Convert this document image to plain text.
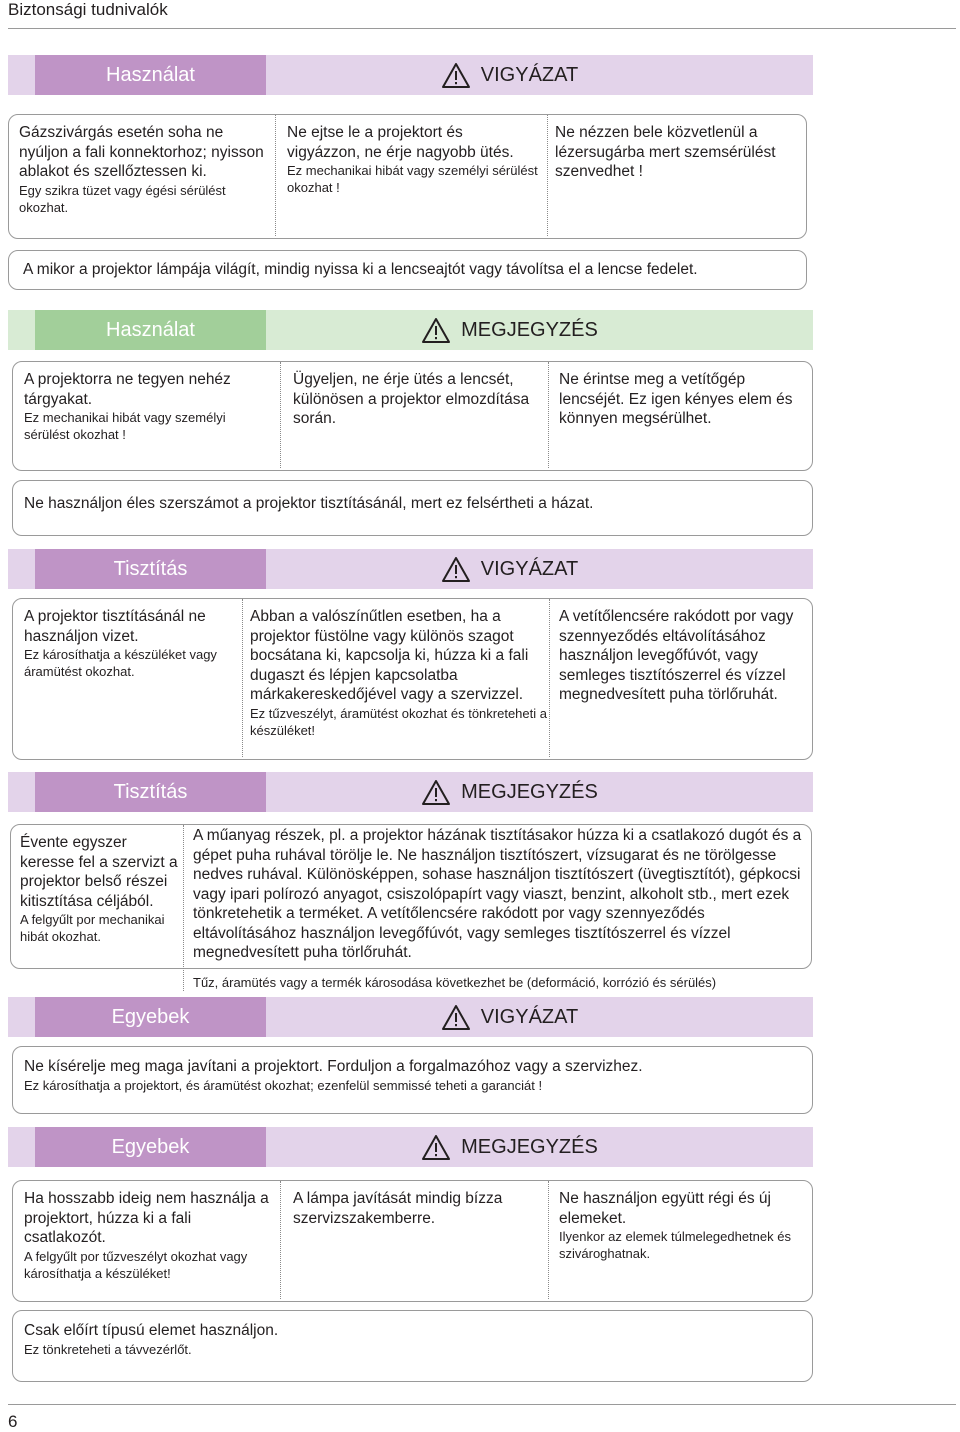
Biztonsági tudnivalók
Használat	VIGYÁZAT

Gázszivárgás esetén soha ne nyúljon a fali konnektorhoz; nyisson ablakot és szellőztessen ki.

Egy szikra tüzet vagy égési sérülést okozhat.

Ne ejtse le a projektort és vigyázzon, ne érje nagyobb ütés.

Ez mechanikai hibát vagy személyi sérülést okozhat !

Ne nézzen bele közvetlenül a lézersugárba mert szemsérülést szenvedhet !

A mikor a projektor lámpája világít, mindig nyissa ki a lencseajtót vagy távolítsa el a lencse fedelet.

Használat	MEGJEGYZÉS

A projektorra ne tegyen nehéz tárgyakat.

Ez mechanikai hibát vagy személyi sérülést okozhat !

Ügyeljen, ne érje ütés a lencsét, különösen a projektor elmozdítása során.

Ne érintse meg a vetítőgép lencséjét. Ez igen kényes elem és könnyen megsérülhet.

Ne használjon éles szerszámot a projektor tisztításánál, mert ez felsértheti a házat.

Tisztítás	VIGYÁZAT

A projektor tisztításánál ne használjon vizet.

Ez károsíthatja a készüléket vagy áramütést okozhat.

Abban a valószínűtlen esetben, ha a projektor füstölne vagy különös szagot bocsátana ki, kapcsolja ki, húzza ki a fali dugaszt és lépjen kapcsolatba márkakereskedőjével vagy a szervizzel.

Ez tűzveszélyt, áramütést okozhat és tönkreteheti a készüléket!

A vetítőlencsére rakódott por vagy szennyeződés eltávolításához használjon levegőfúvót, vagy semleges tisztítószerrel és vízzel megnedvesített puha törlőruhát.

Tisztítás	MEGJEGYZÉS

Évente egyszer keresse fel a szervizt a projektor belső részei kitisztítása céljából.

A felgyűlt por mechanikai hibát okozhat.

A műanyag részek, pl. a projektor házának tisztításakor húzza ki a csatlakozó dugót és a gépet puha ruhával törölje le. Ne használjon tisztítószert, vízsugarat és ne törölgesse nedves ruhával. Különösképpen, sohase használjon tisztítószert (üvegtisztítót), gépkocsi vagy ipari polírozó anyagot, csiszolópapírt vagy viaszt, benzint, alkoholt stb., mert ezek tönkretehetik a terméket. A vetítőlencsére rakódott por vagy szennyeződés eltávolításához használjon levegőfúvót, vagy semleges tisztítószerrel és vízzel megnedvesített puha törlőruhát.

Tűz, áramütés vagy a termék károsodása következhet be (deformáció, korrózió és sérülés)

Egyebek	VIGYÁZAT

Ne kísérelje meg maga javítani a projektort. Forduljon a forgalmazóhoz vagy a szervizhez.

Ez károsíthatja a projektort, és áramütést okozhat; ezenfelül semmissé teheti a garanciát !

Egyebek	MEGJEGYZÉS

Ha hosszabb ideig nem használja a projektort, húzza ki a fali csatlakozót.

A felgyűlt por tűzveszélyt okozhat vagy károsíthatja a készüléket!

A lámpa javítását mindig bízza szervizszakemberre.

Ne használjon együtt régi és új elemeket.

Ilyenkor az elemek túlmelegedhetnek és szivároghatnak.

Csak előírt típusú elemet használjon.

Ez tönkreteheti a távvezérlőt.

6
